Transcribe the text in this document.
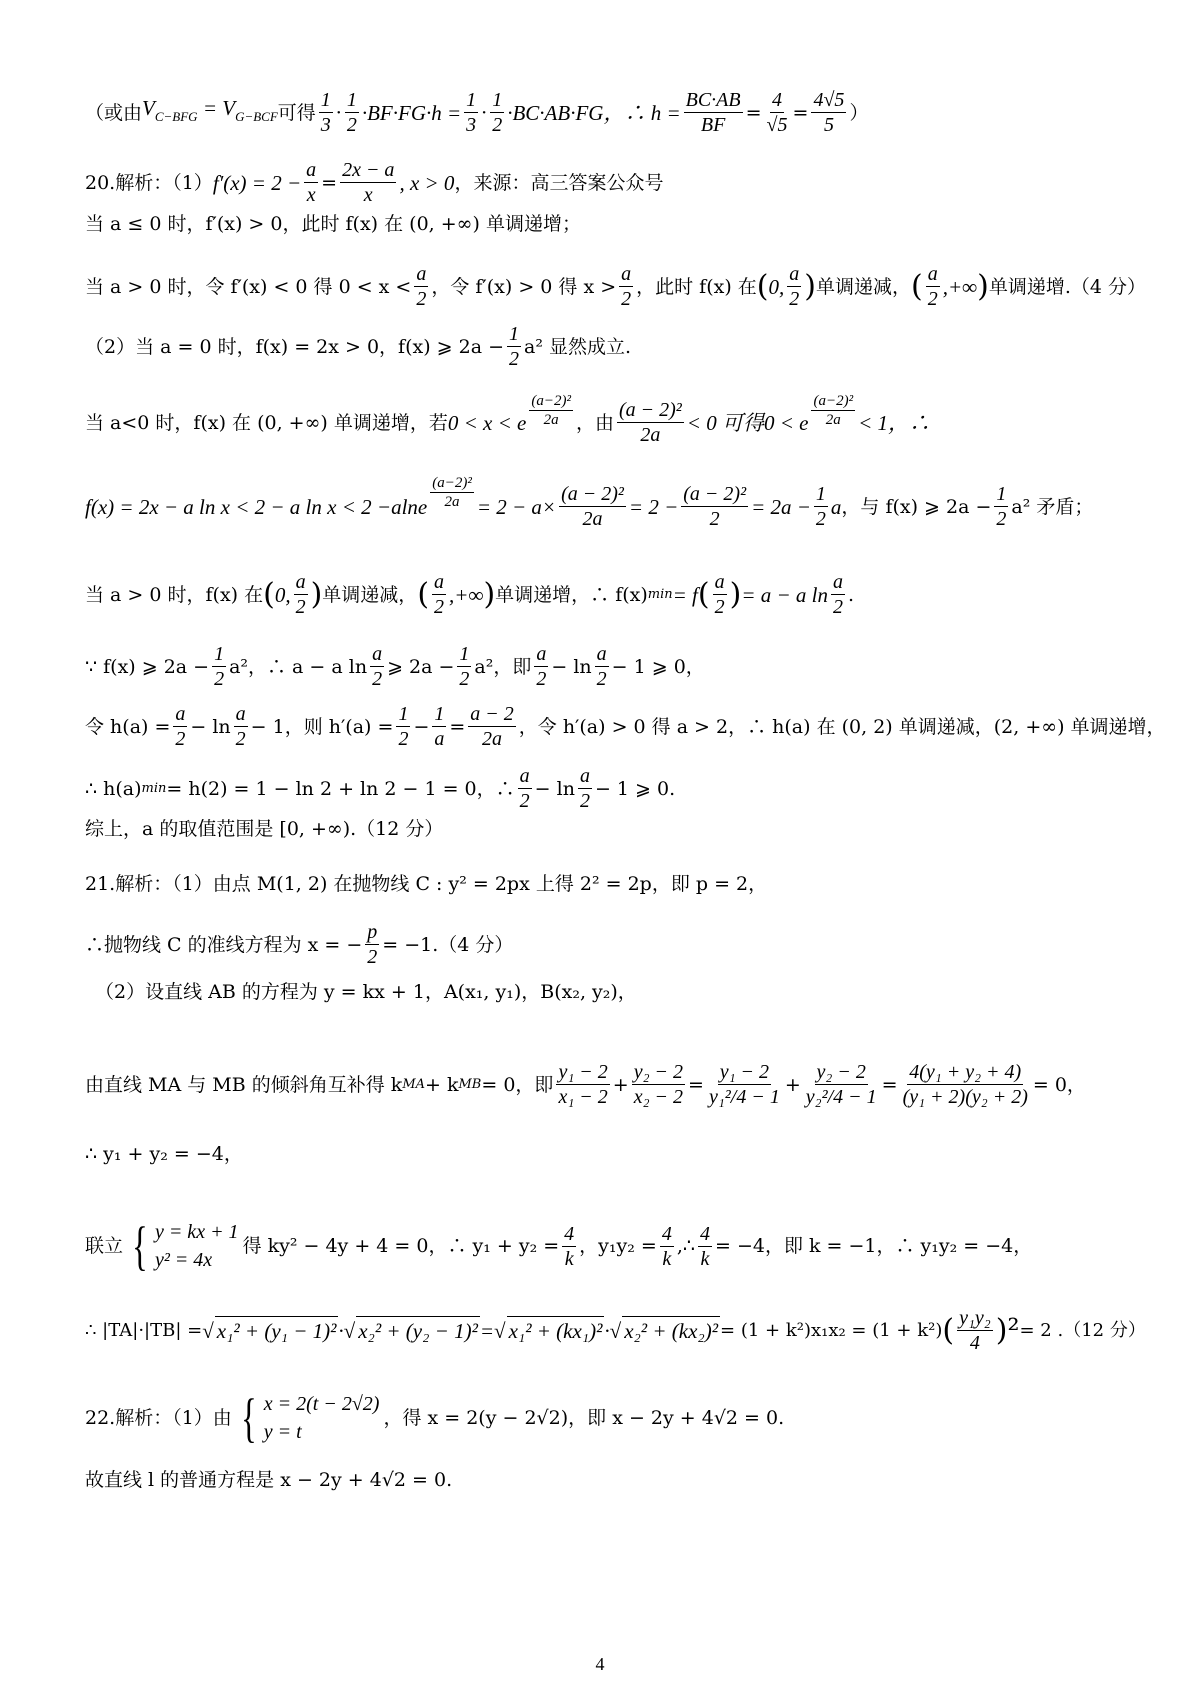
（或由 $V_{C-BFG} = V_{G-BCF}$ 可得 $\frac{1}{3} \cdot \frac{1}{2} \cdot BF\cdot FG\cdot h = \frac{1}{3} \cdot \frac{1}{2} \cdot BC\cdot AB\cdot FG$，∴ $h = \frac{BC\cdot AB}{BF} = \frac{4}{√5} = \frac{4√5}{5}$ ）
20.解析：（1） $f'(x) = 2 - \frac{a}{x} = \frac{2x - a}{x}$ , x > 0 ，来源：高三答案公众号
当 a ≤ 0 时，f′(x) > 0，此时 f(x) 在 (0, +∞) 单调递增；
当 a > 0 时，令 f′(x) < 0 得 $0 < x < \frac{a}{2}$ ，令 f′(x) > 0 得 $x > \frac{a}{2}$ ，此时 f(x) 在 ( 0, $\frac{a}{2}$ ) 单调递减， ( $\frac{a}{2}$ ,+∞ ) 单调递增.（4 分）
（2）当 a = 0 时，f(x) = 2x > 0，f(x) ⩾ $2a - \frac{1}{2} a^2$ 显然成立.
当 a<0 时，f(x) 在 (0, +∞) 单调递增，若 0 < x < e $\frac{\text{(a−2)²}}{2a}$ ，由 $\frac{\text{(a − 2)²}}{2a} < 0$ 可得 0 < e $\frac{\text{(a−2)²}}{2a} < 1$，∴
f(x) = 2x − a ln x < 2 − a ln x < 2 − alne $\frac{\text{(a−2)²}}{2a} = 2 - a\times \frac{\text{(a − 2)²}}{2a} = 2 - \frac{\text{(a − 2)²}}{2} = 2a - \frac{1}{2}$ a ，与 f(x) ⩾ $2a - \frac{1}{2} a^2$ 矛盾；
当 a > 0 时，f(x) 在 ( 0, $\frac{a}{2}$ ) 单调递减， ( $\frac{a}{2}$ ,+∞ ) 单调递增，∴ f(x) min = f ( $\frac{a}{2}$ ) = a − a $\ln \frac{a}{2}$ .
∵ f(x) ⩾ $2a - \frac{1}{2} a^2$，∴ a − a $\ln \frac{a}{2}$ ⩾ $2a - \frac{1}{2} a^2$，即 $\frac{a}{2} - \ln \frac{a}{2} - 1$ ⩾ 0，
令 $h(a) = \frac{a}{2} - \ln \frac{a}{2} - 1$，则 $h'(a) = \frac{1}{2} - \frac{1}{a} = \frac{a - 2}{2a}$ ，令 h′(a) > 0 得 a > 2，∴ h(a) 在 (0, 2) 单调递减，(2, +∞) 单调递增，
∴ h(a) min = h(2) = 1 − ln 2 + ln 2 − 1 = 0，∴ $\frac{a}{2} - \ln \frac{a}{2} - 1$ ⩾ 0.
综上，a 的取值范围是 [0, +∞).（12 分）
21.解析：（1）由点 M(1, 2) 在抛物线 C : y² = 2px 上得 2² = 2p，即 p = 2，
∴抛物线 C 的准线方程为 x = − $\frac{p}{2} = -1.(4$ 分）
（2）设直线 AB 的方程为 y = kx + 1，A(x₁, y₁)，B(x₂, y₂)，
由直线 MA 与 MB 的倾斜角互补得 k MA + k MB = 0，即 $\frac{\text{y₁ − 2}}{\text{x₁ − 2}} + \frac{\text{y₂ − 2}}{\text{x₂ − 2}} = \frac{\text{y₁ − 2}}{\text{y₁²/4 − 1}} + \frac{\text{y₂ − 2}}{\text{y₂²/4 − 1}} = \frac{\text{4(y₁ + y₂ + 4)}}{\text{(y₁ + 2)(y₂ + 2)}} = 0$，
∴ y₁ + y₂ = −4，
联立 { y = kx + 1
y² = 4x
得 ky² − 4y + 4 = 0，∴ $y_1 + y_2 = \frac{4}{k}$ ，$y_1y_2 = \frac{4}{k}$ ,∴ $\frac{4}{k} = -4$，即 k = −1，∴ y₁y₂ = −4，
∴ |TA|·|TB| = √ x₁² + (y₁ − 1)² ·√ x₂² + (y₂ − 1)² =√ x₁² + (kx₁)² ·√ x₂² + (kx₂)² = (1 + k²)x₁x₂ = (1 + k²) ( $\frac{\text{y₁y₂}}{4} )^2 = 2$ .（12 分）
22.解析：（1）由 { x = 2(t − 2√2)
y = t
，得 x = 2(y − 2√2)，即 x − 2y + 4√2 = 0.
故直线 l 的普通方程是 x − 2y + 4√2 = 0.
4
